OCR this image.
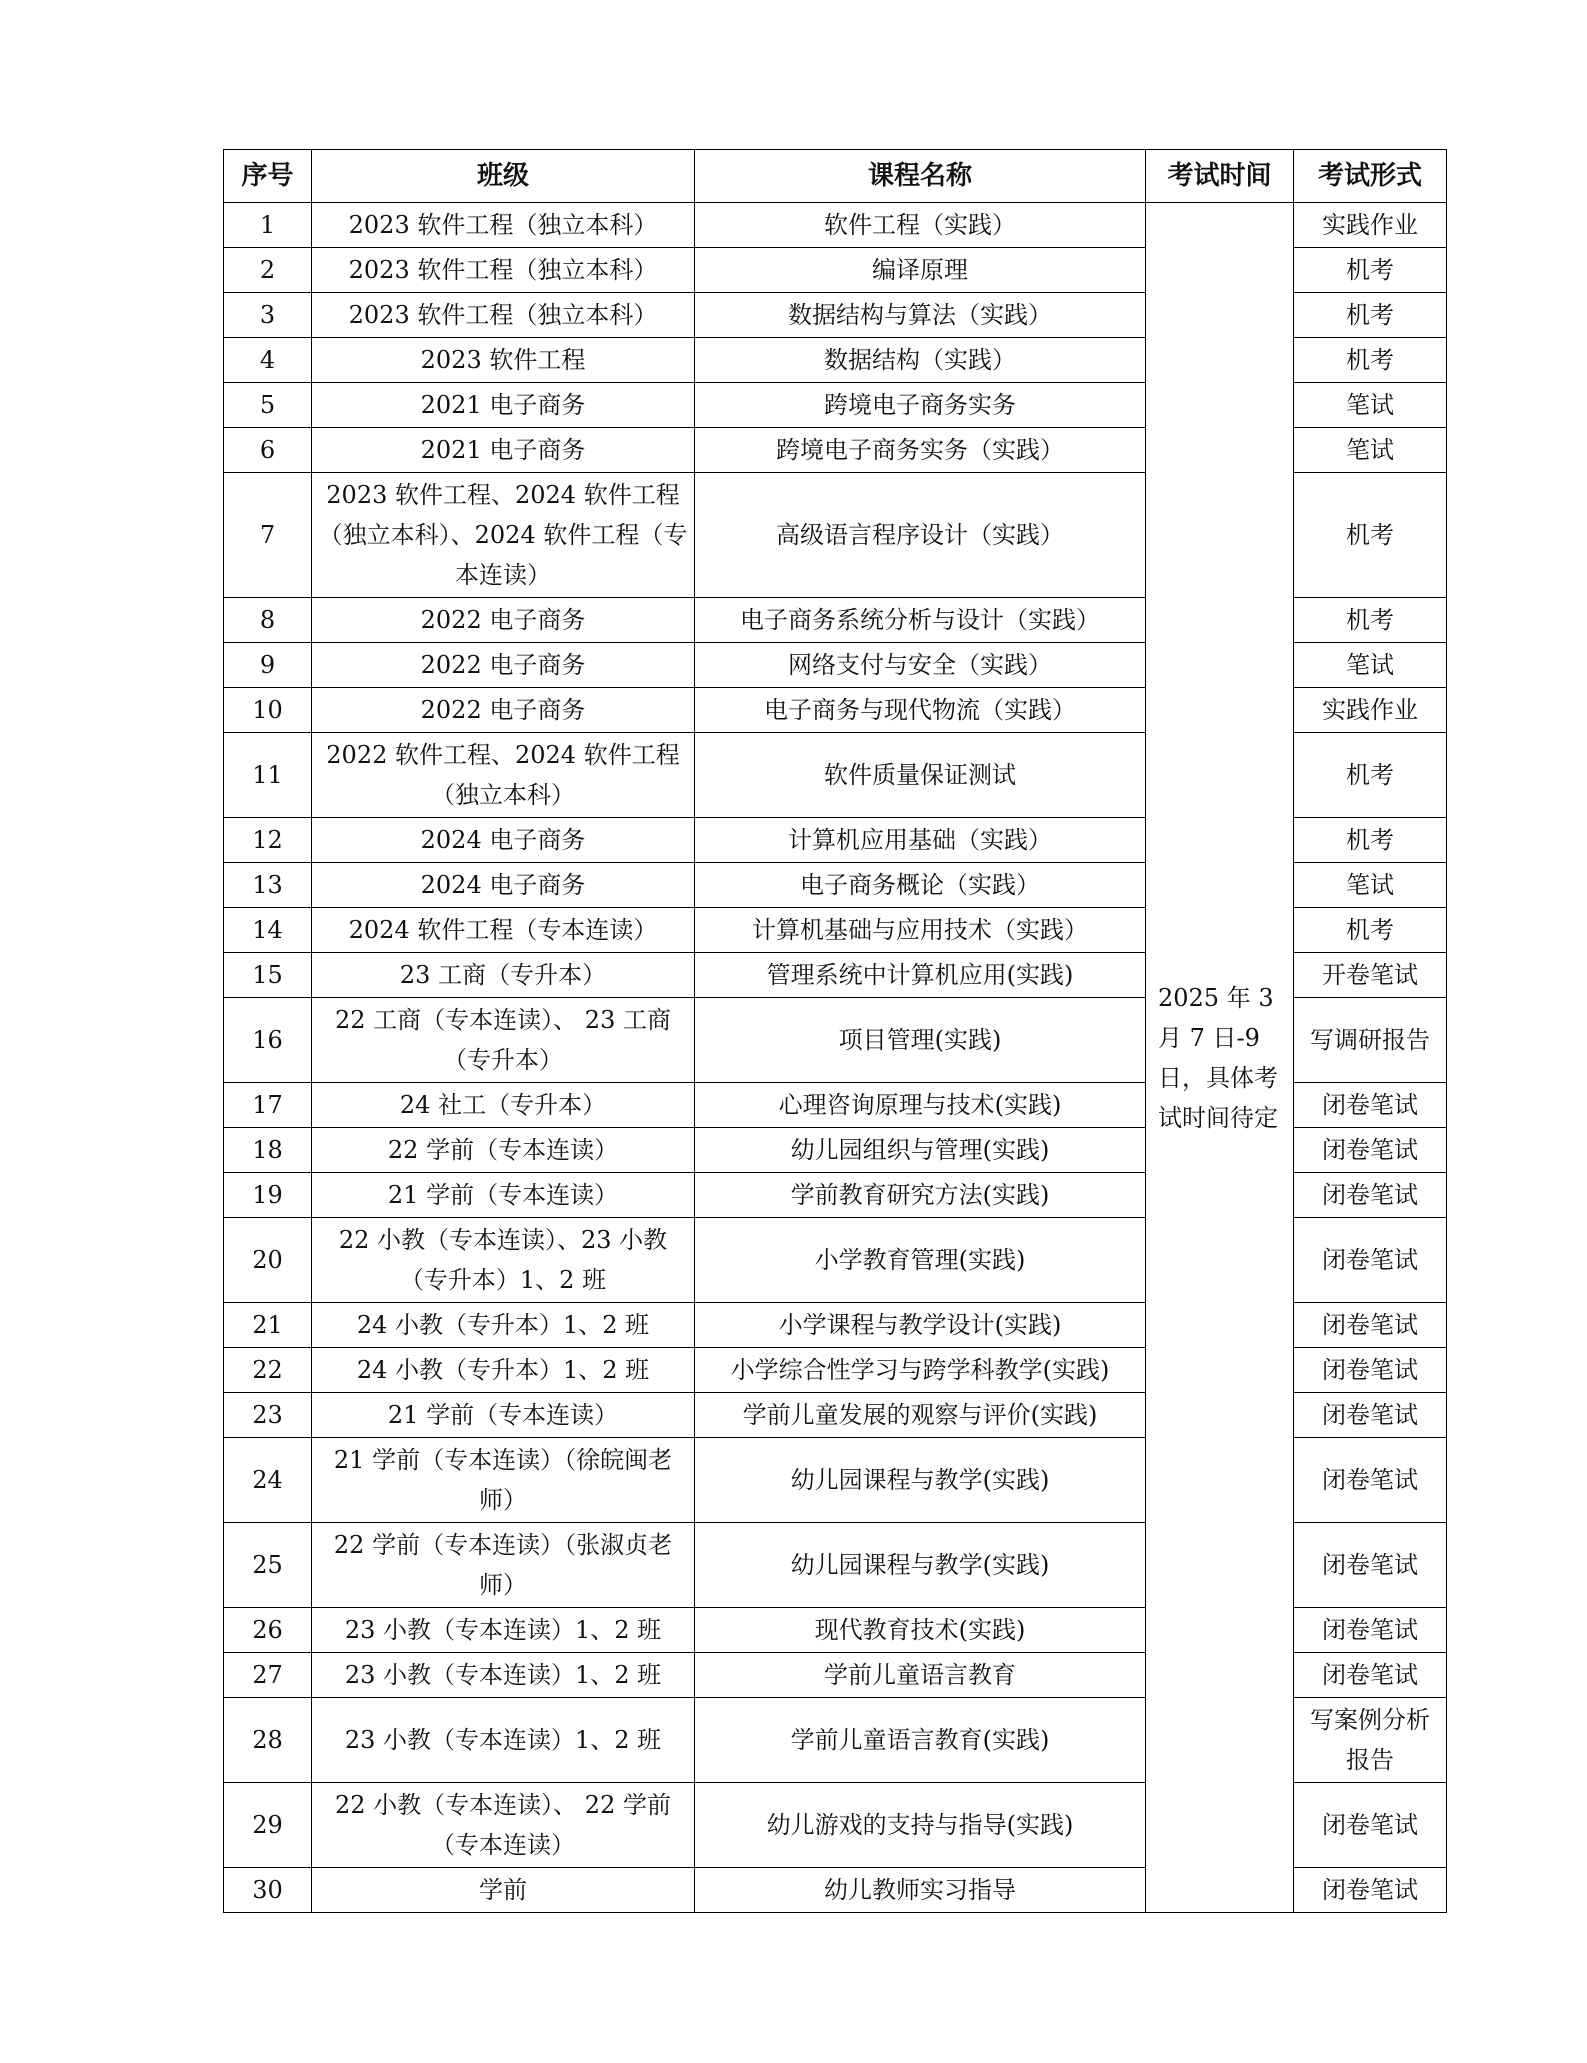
序号	班级	课程名称	考试时间	考试形式
1	2023 软件工程（独立本科）	软件工程（实践）	2025 年 3 月 7 日-9 日，具体考试时间待定	实践作业
2	2023 软件工程（独立本科）	编译原理		机考
3	2023 软件工程（独立本科）	数据结构与算法（实践）		机考
4	2023 软件工程	数据结构（实践）		机考
5	2021 电子商务	跨境电子商务实务		笔试
6	2021 电子商务	跨境电子商务实务（实践）		笔试
7	2023 软件工程、2024 软件工程（独立本科）、2024 软件工程（专本连读）	高级语言程序设计（实践）		机考
8	2022 电子商务	电子商务系统分析与设计（实践）		机考
9	2022 电子商务	网络支付与安全（实践）		笔试
10	2022 电子商务	电子商务与现代物流（实践）		实践作业
11	2022 软件工程、2024 软件工程（独立本科）	软件质量保证测试		机考
12	2024 电子商务	计算机应用基础（实践）		机考
13	2024 电子商务	电子商务概论（实践）		笔试
14	2024 软件工程（专本连读）	计算机基础与应用技术（实践）		机考
15	23 工商（专升本）	管理系统中计算机应用(实践)		开卷笔试
16	22 工商（专本连读）、 23 工商（专升本）	项目管理(实践)		写调研报告
17	24 社工（专升本）	心理咨询原理与技术(实践)		闭卷笔试
18	22 学前（专本连读）	幼儿园组织与管理(实践)		闭卷笔试
19	21 学前（专本连读）	学前教育研究方法(实践)		闭卷笔试
20	22 小教（专本连读）、23 小教（专升本）1、2 班	小学教育管理(实践)		闭卷笔试
21	24 小教（专升本）1、2 班	小学课程与教学设计(实践)		闭卷笔试
22	24 小教（专升本）1、2 班	小学综合性学习与跨学科教学(实践)		闭卷笔试
23	21 学前（专本连读）	学前儿童发展的观察与评价(实践)		闭卷笔试
24	21 学前（专本连读）（徐皖闽老师）	幼儿园课程与教学(实践)		闭卷笔试
25	22 学前（专本连读）（张淑贞老师）	幼儿园课程与教学(实践)		闭卷笔试
26	23 小教（专本连读）1、2 班	现代教育技术(实践)		闭卷笔试
27	23 小教（专本连读）1、2 班	学前儿童语言教育		闭卷笔试
28	23 小教（专本连读）1、2 班	学前儿童语言教育(实践)		写案例分析报告
29	22 小教（专本连读）、 22 学前（专本连读）	幼儿游戏的支持与指导(实践)		闭卷笔试
30	学前	幼儿教师实习指导		闭卷笔试
